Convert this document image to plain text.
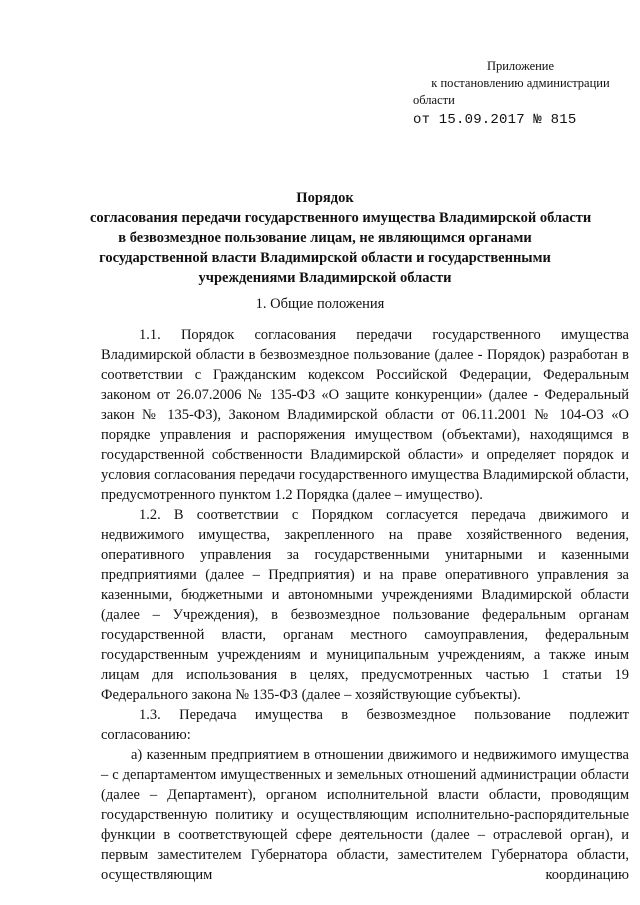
Приложение
к постановлению администрации
области
от 15.09.2017 № 815
Порядок
согласования передачи государственного имущества Владимирской области
в безвозмездное пользование лицам, не являющимся органами
государственной власти Владимирской области и государственными
учреждениями Владимирской области
1. Общие положения

1.1. Порядок согласования передачи государственного имущества Владимирской области в безвозмездное пользование (далее - Порядок) разработан в соответствии с Гражданским кодексом Российской Федерации, Федеральным законом от 26.07.2006 № 135-ФЗ «О защите конкуренции» (далее - Федеральный закон № 135-ФЗ), Законом Владимирской области от 06.11.2001 № 104-ОЗ «О порядке управления и распоряжения имуществом (объектами), находящимся в государственной собственности Владимирской области» и определяет порядок и условия согласования передачи государственного имущества Владимирской области, предусмотренного пунктом 1.2 Порядка (далее – имущество).

1.2. В соответствии с Порядком согласуется передача движимого и недвижимого имущества, закрепленного на праве хозяйственного ведения, оперативного управления за государственными унитарными и казенными предприятиями (далее – Предприятия) и на праве оперативного управления за казенными, бюджетными и автономными учреждениями Владимирской области (далее – Учреждения), в безвозмездное пользование федеральным органам государственной власти, органам местного самоуправления, федеральным государственным учреждениям и муниципальным учреждениям, а также иным лицам для использования в целях, предусмотренных частью 1 статьи 19 Федерального закона № 135-ФЗ (далее – хозяйствующие субъекты).

1.3. Передача имущества в безвозмездное пользование подлежит

согласованию:

а) казенным предприятием в отношении движимого и недвижимого имущества – с департаментом имущественных и земельных отношений администрации области (далее – Департамент), органом исполнительной власти области, проводящим государственную политику и осуществляющим исполнительно-распорядительные функции в соответствующей сфере деятельности (далее – отраслевой орган), и первым заместителем Губернатора области, заместителем Губернатора области, осуществляющим координацию
